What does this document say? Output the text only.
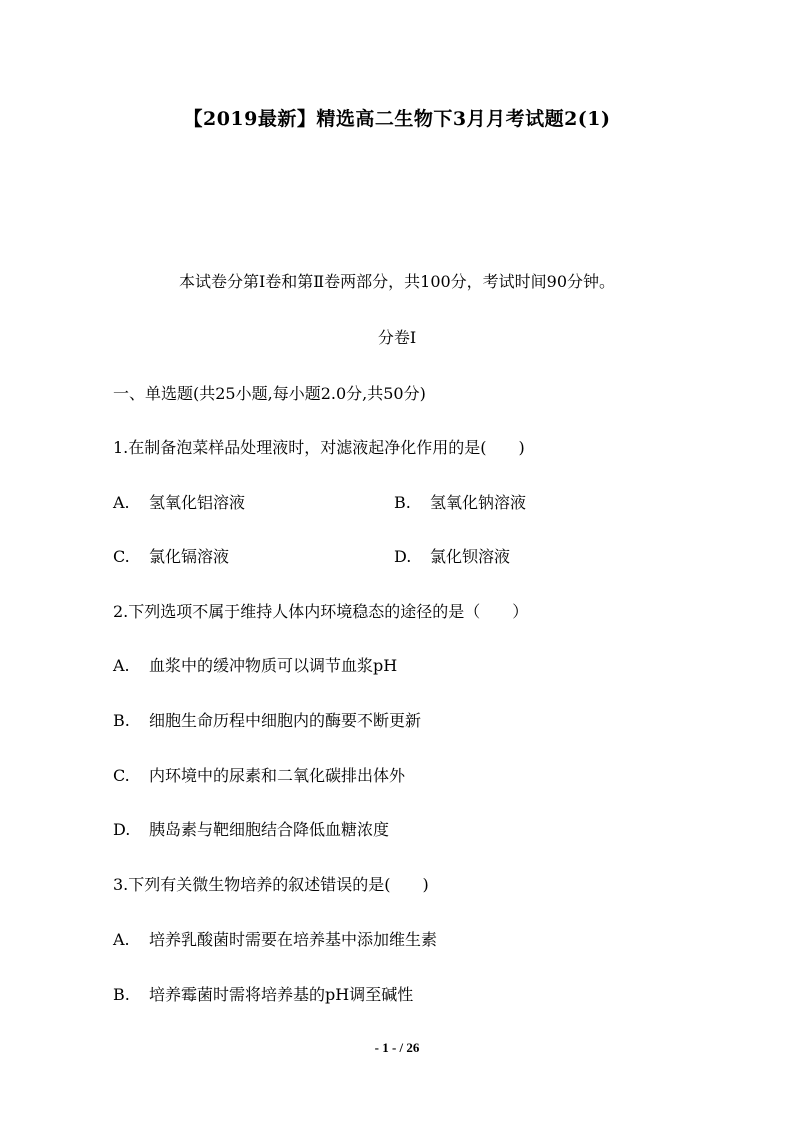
【2019最新】精选高二生物下3月月考试题2(1)
本试卷分第Ⅰ卷和第Ⅱ卷两部分，共100分，考试时间90分钟。
分卷I
一、单选题(共25小题,每小题2.0分,共50分)
1.在制备泡菜样品处理液时，对滤液起净化作用的是(　　)
A. 氢氧化铝溶液	B. 氢氧化钠溶液
C. 氯化镉溶液	D. 氯化钡溶液
2.下列选项不属于维持人体内环境稳态的途径的是（　　）
A. 血浆中的缓冲物质可以调节血浆pH
B. 细胞生命历程中细胞内的酶要不断更新
C. 内环境中的尿素和二氧化碳排出体外
D. 胰岛素与靶细胞结合降低血糖浓度
3.下列有关微生物培养的叙述错误的是(　　)
A. 培养乳酸菌时需要在培养基中添加维生素
B. 培养霉菌时需将培养基的pH调至碱性
- 1 - / 26
